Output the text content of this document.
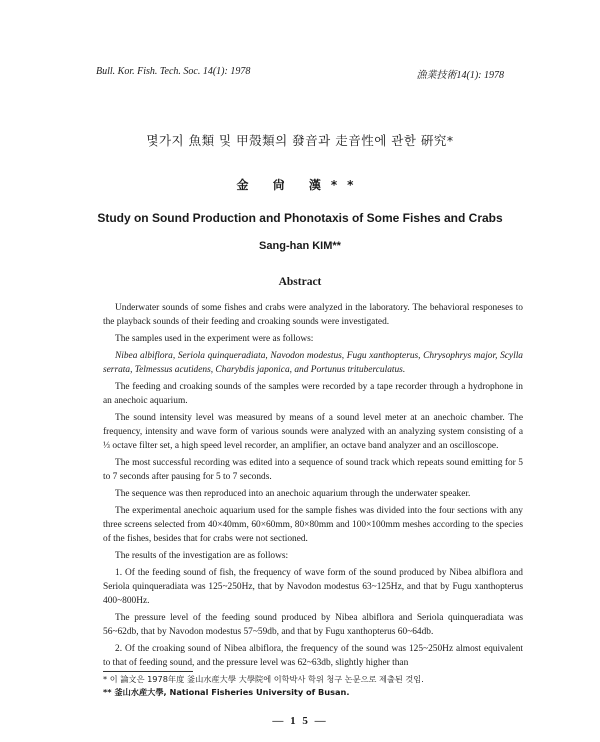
Bull. Kor. Fish. Tech. Soc. 14(1): 1978	漁業技術14(1): 1978
몇가지 魚類 및 甲殼類의 發音과 走音性에 관한 硏究*
金 尙 漢**
Study on Sound Production and Phonotaxis of Some Fishes and Crabs
Sang-han KIM**
Abstract

Underwater sounds of some fishes and crabs were analyzed in the laboratory. The behavioral responeses to the playback sounds of their feeding and croaking sounds were investigated.

The samples used in the experiment were as follows:

Nibea albiflora, Seriola quinqueradiata, Navodon modestus, Fugu xanthopterus, Chrysophrys major, Scylla serrata, Telmessus acutidens, Charybdis japonica, and Portunus trituberculatus.

The feeding and croaking sounds of the samples were recorded by a tape recorder through a hydrophone in an anechoic aquarium.

The sound intensity level was measured by means of a sound level meter at an anechoic chamber. The frequency, intensity and wave form of various sounds were analyzed with an analyzing system consisting of a ⅓ octave filter set, a high speed level recorder, an amplifier, an octave band analyzer and an oscilloscope.

The most successful recording was edited into a sequence of sound track which repeats sound emitting for 5 to 7 seconds after pausing for 5 to 7 seconds.

The sequence was then reproduced into an anechoic aquarium through the underwater speaker.

The experimental anechoic aquarium used for the sample fishes was divided into the four sections with any three screens selected from 40×40mm, 60×60mm, 80×80mm and 100×100mm meshes according to the species of the fishes, besides that for crabs were not sectioned.

The results of the investigation are as follows:

1. Of the feeding sound of fish, the frequency of wave form of the sound produced by Nibea albiflora and Seriola quinqueradiata was 125~250Hz, that by Navodon modestus 63~125Hz, and that by Fugu xanthopterus 400~800Hz.

The pressure level of the feeding sound produced by Nibea albiflora and Seriola quinqueradiata was 56~62db, that by Navodon modestus 57~59db, and that by Fugu xanthopterus 60~64db.

2. Of the croaking sound of Nibea albiflora, the frequency of the sound was 125~250Hz almost equivalent to that of feeding sound, and the pressure level was 62~63db, slightly higher than

* 이 論文은 1978年度 釜山水産大學 大學院에 이학박사 학위 청구 논문으로 제출된 것임.
** 釜山水産大學, National Fisheries University of Busan.
— 1 5 —
